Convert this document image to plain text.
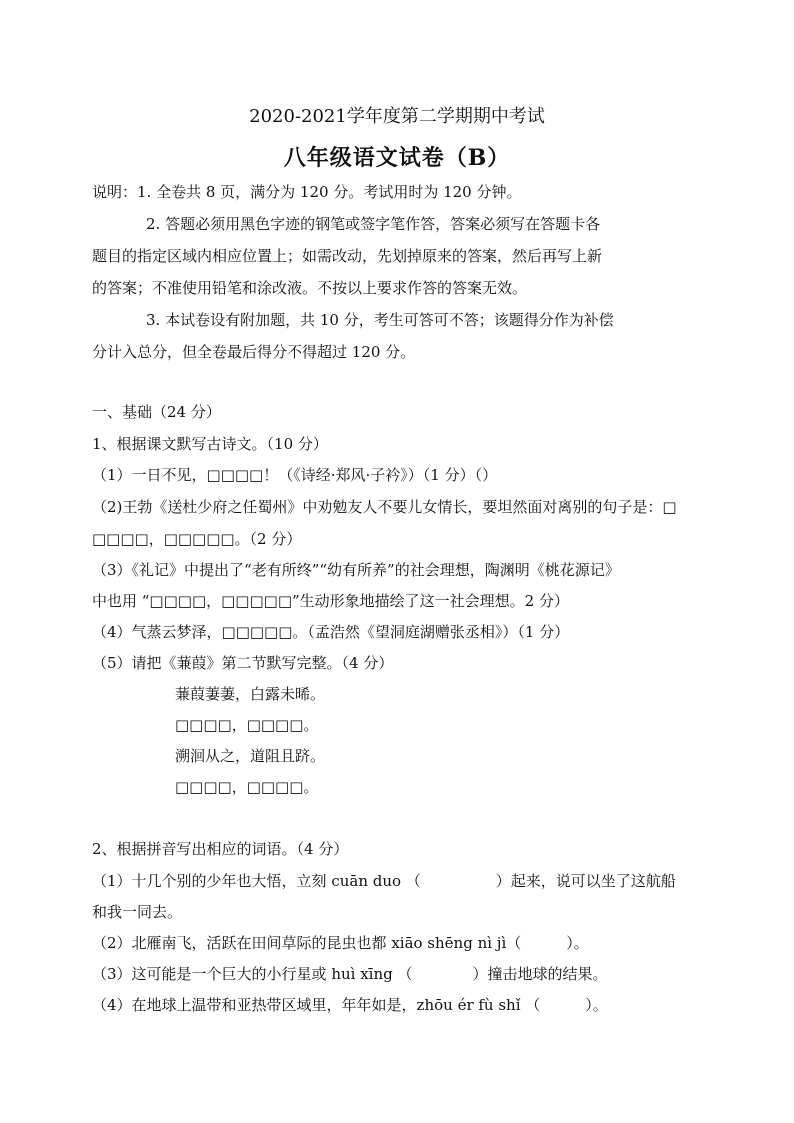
2020-2021学年度第二学期期中考试
八年级语文试卷（B）
说明：1. 全卷共 8 页，满分为 120 分。考试用时为 120 分钟。
2. 答题必须用黑色字迹的钢笔或签字笔作答，答案必须写在答题卡各
题目的指定区域内相应位置上；如需改动，先划掉原来的答案，然后再写上新
的答案；不准使用铅笔和涂改液。不按以上要求作答的答案无效。
3. 本试卷设有附加题，共 10 分，考生可答可不答；该题得分作为补偿
分计入总分，但全卷最后得分不得超过 120 分。
一、基础（24 分）
1、根据课文默写古诗文。（10 分）
（1）一日不见，□□□□！（《诗经·郑风·子衿》）（1 分）（）
（2)王勃《送杜少府之任蜀州》中劝勉友人不要儿女情长，要坦然面对离别的句子是：□
□□□□，□□□□□。（2 分）
（3）《礼记》中提出了“老有所终”“幼有所养”的社会理想，陶渊明《桃花源记》
中也用 “□□□□，□□□□□”生动形象地描绘了这一社会理想。2 分）
（4）气蒸云梦泽，□□□□□。（孟浩然《望洞庭湖赠张丞相》）（1 分）
（5）请把《蒹葭》第二节默写完整。（4 分）
蒹葭萋萋，白露未晞。
□□□□，□□□□。
溯洄从之，道阻且跻。
□□□□，□□□□。
2、根据拼音写出相应的词语。（4 分）
（1）十几个别的少年也大悟，立刻 cuān duo （　　　　　）起来，说可以坐了这航船
和我一同去。
（2）北雁南飞，活跃在田间草际的昆虫也都 xiāo shēng nì jì（　　　）。
（3）这可能是一个巨大的小行星或 huì xīng （　　　　）撞击地球的结果。
（4）在地球上温带和亚热带区域里，年年如是，zhōu ér fù shǐ （　　　）。
